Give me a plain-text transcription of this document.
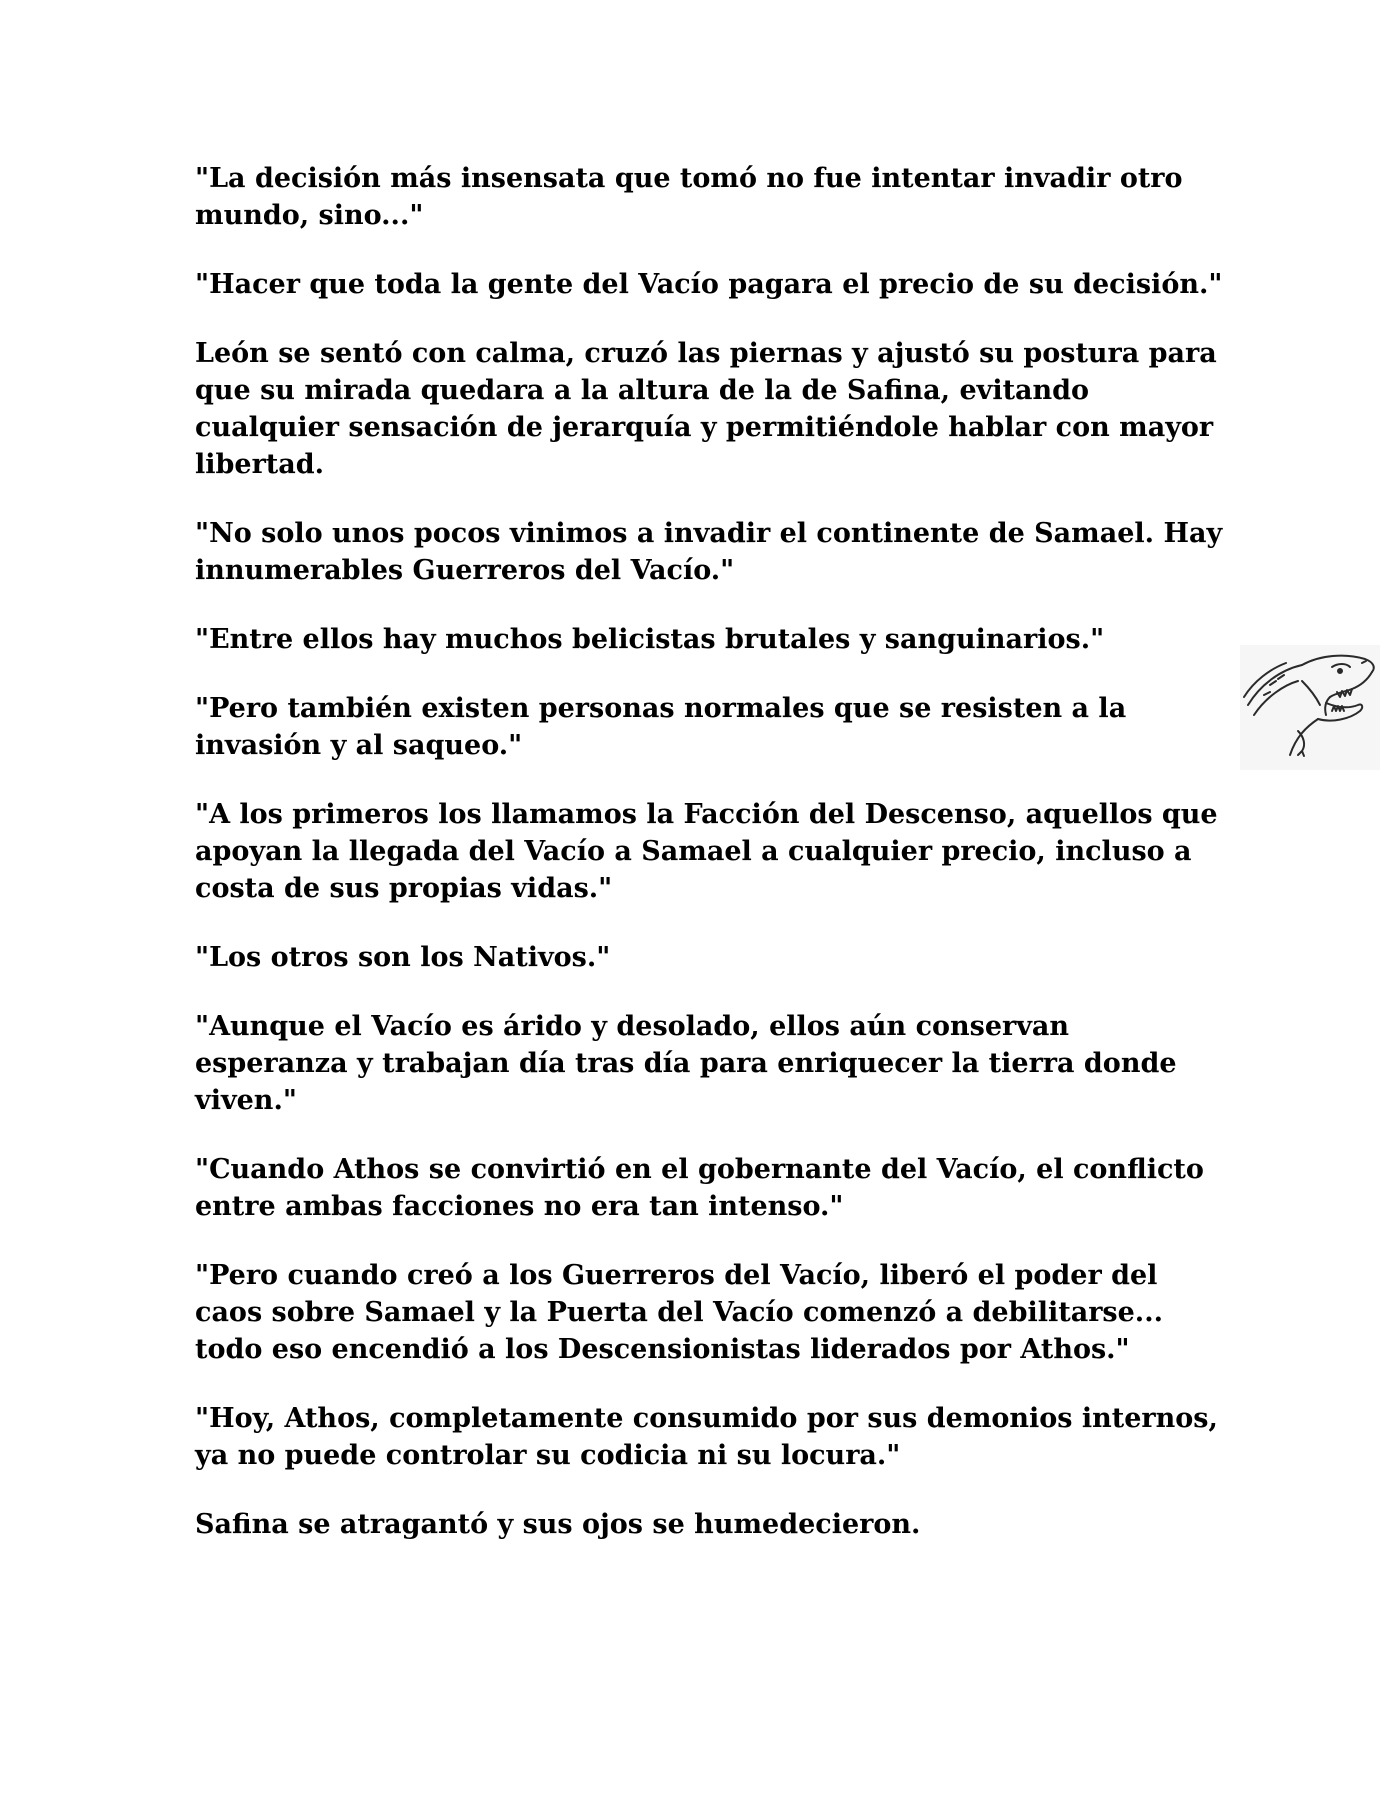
"La decisión más insensata que tomó no fue intentar invadir otro mundo, sino..."

"Hacer que toda la gente del Vacío pagara el precio de su decisión."

León se sentó con calma, cruzó las piernas y ajustó su postura para que su mirada quedara a la altura de la de Safina, evitando cualquier sensación de jerarquía y permitiéndole hablar con mayor libertad.

"No solo unos pocos vinimos a invadir el continente de Samael. Hay innumerables Guerreros del Vacío."

"Entre ellos hay muchos belicistas brutales y sanguinarios."

"Pero también existen personas normales que se resisten a la invasión y al saqueo."

"A los primeros los llamamos la Facción del Descenso, aquellos que apoyan la llegada del Vacío a Samael a cualquier precio, incluso a costa de sus propias vidas."

"Los otros son los Nativos."

"Aunque el Vacío es árido y desolado, ellos aún conservan esperanza y trabajan día tras día para enriquecer la tierra donde viven."

"Cuando Athos se convirtió en el gobernante del Vacío, el conflicto entre ambas facciones no era tan intenso."

"Pero cuando creó a los Guerreros del Vacío, liberó el poder del caos sobre Samael y la Puerta del Vacío comenzó a debilitarse... todo eso encendió a los Descensionistas liderados por Athos."

"Hoy, Athos, completamente consumido por sus demonios internos, ya no puede controlar su codicia ni su locura."

Safina se atragantó y sus ojos se humedecieron.
